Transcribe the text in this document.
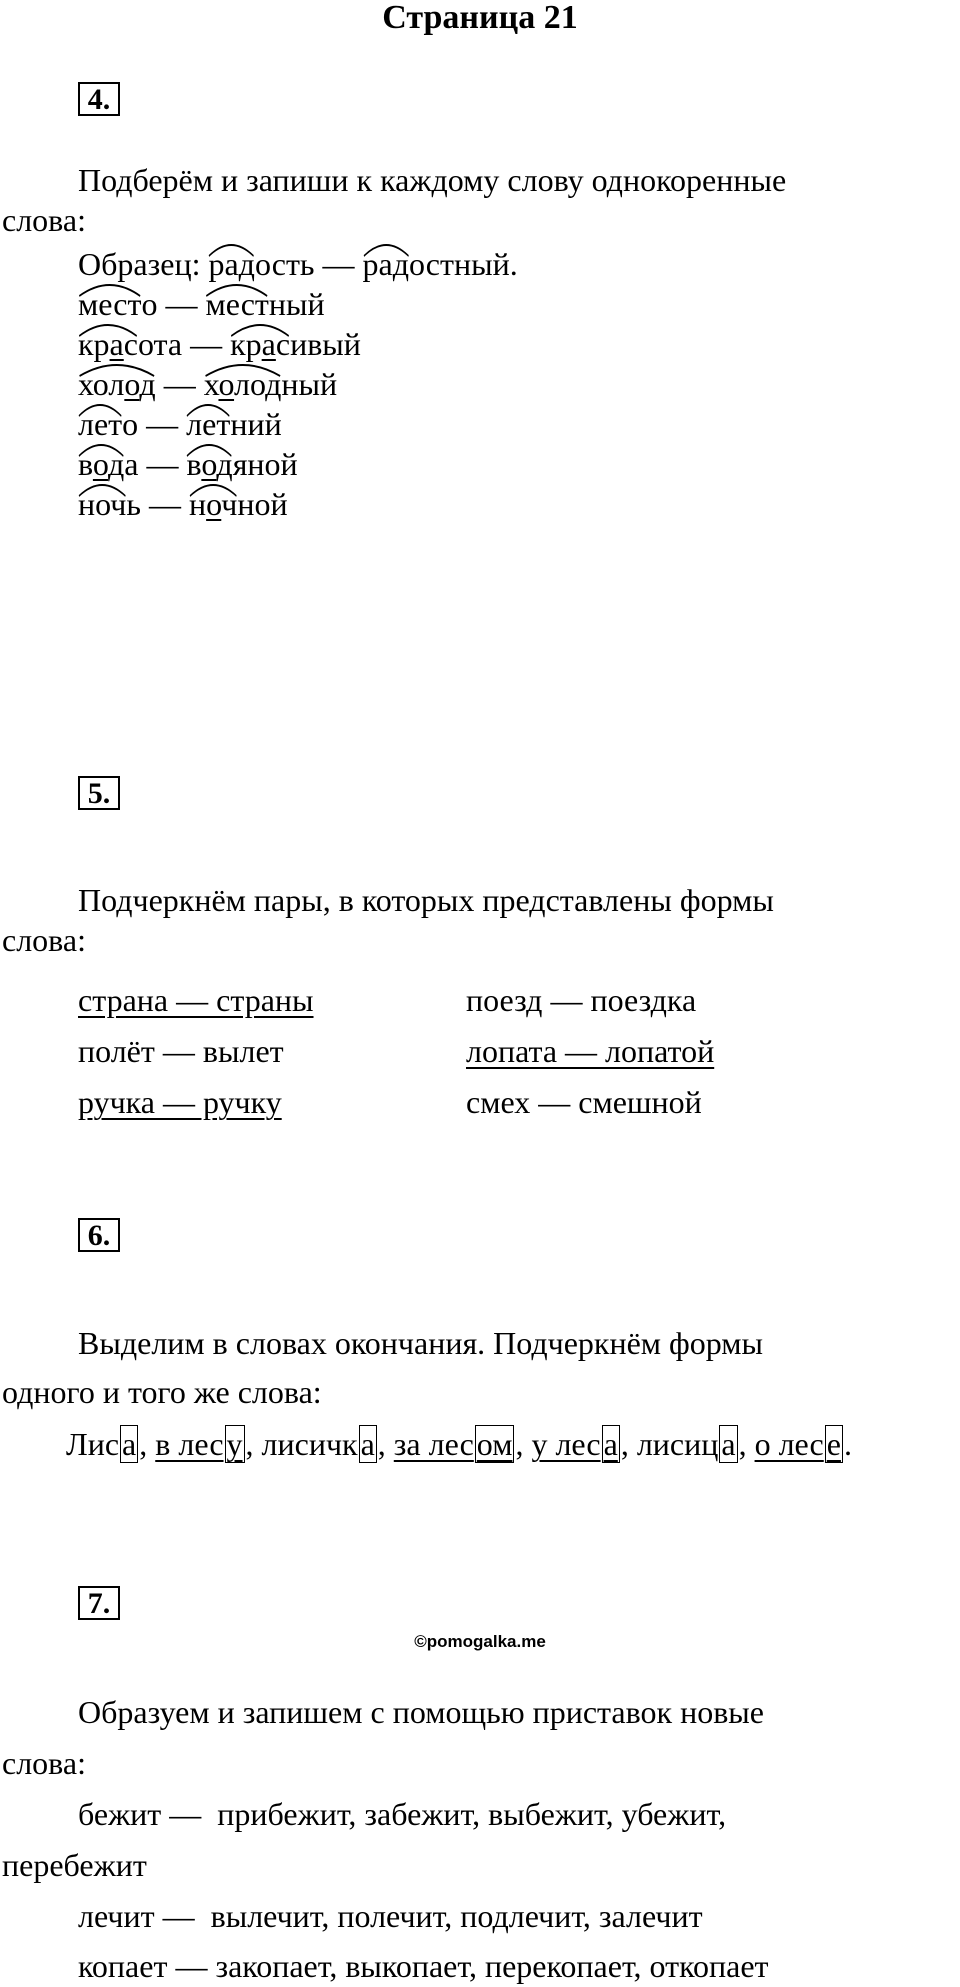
Страница 21
4.
Подберём и запиши к каждому слову однокоренные
слова:
Образец: радость —
радостный.
место —
местный
красота —
красивый
холод —
холодный
лето —
летний
вода —
водяной
ночь —
ночной
5.
Подчеркнём пары, в которых представлены формы
слова:
страна — страны
полёт — вылет
ручка — ручку
поезд — поездка
лопата — лопатой
смех — смешной
6.
Выделим в словах окончания. Подчеркнём формы
одного и того же слова:
Лиса, в лесу, лисичка, за лесом, у леса, лисица, о лесе.
7.
©pomogalka.me
Образуем и запишем с помощью приставок новые
слова:
бежит —  прибежит, забежит, выбежит, убежит,
перебежит
лечит —  вылечит, полечит, подлечит, залечит
копает — закопает, выкопает, перекопает, откопает
